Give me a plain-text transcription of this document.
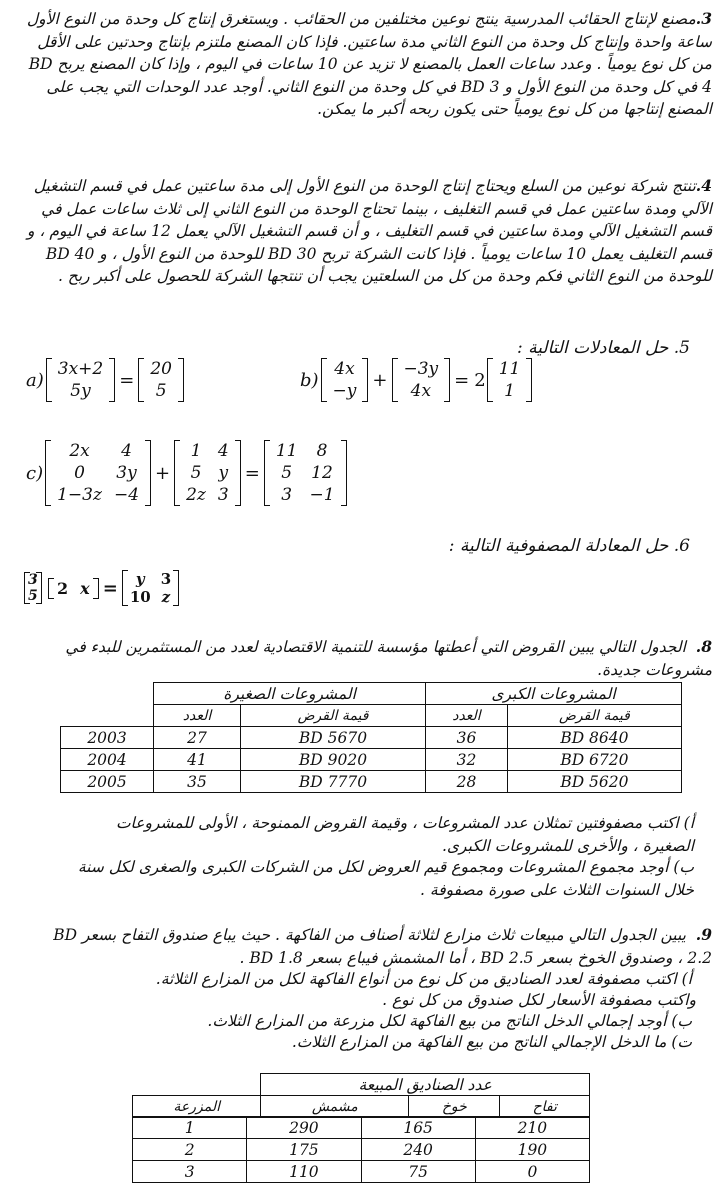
3.مصنع لإنتاج الحقائب المدرسية ينتج نوعين مختلفين من الحقائب . ويستغرق إنتاج كل وحدة من النوع الأول ساعة واحدة وإنتاج كل وحدة من النوع الثاني مدة ساعتين. فإذا كان المصنع ملتزم بإنتاج وحدتين على الأقل من كل نوع يومياً . وعدد ساعات العمل بالمصنع لا تزيد عن 10 ساعات في اليوم ، وإذا كان المصنع يربح BD 4 في كل وحدة من النوع الأول و BD 3 في كل وحدة من النوع الثاني. أوجد عدد الوحدات التي يجب على المصنع إنتاجها من كل نوع يومياً حتى يكون ربحه أكبر ما يمكن.
4.تنتج شركة نوعين من السلع ويحتاج إنتاج الوحدة من النوع الأول إلى مدة ساعتين عمل في قسم التشغيل الآلي ومدة ساعتين عمل في قسم التغليف ، بينما تحتاج الوحدة من النوع الثاني إلى ثلاث ساعات عمل في قسم التشغيل الآلي ومدة ساعتين في قسم التغليف ، و أن قسم التشغيل الآلي يعمل 12 ساعة في اليوم ، و قسم التغليف يعمل 10 ساعات يومياً . فإذا كانت الشركة تربح BD 30 للوحدة من النوع الأول ، و BD 40 للوحدة من النوع الثاني فكم وحدة من كل من السلعتين يجب أن تنتجها الشركة للحصول على أكبر ربح .
5. حل المعادلات التالية :
a)
3x+2
5y
=
20
5
b)
4x
−y
+
−3y
4x
= 2
11
1
c)
2x	4
0	3y
1−3z	−4
+
1	4
5	y
2z	3
=
11	8
5	12
3	−1
6. حل المعادلة المصفوفية التالية :
3
5
2	x = y	3
10	z
8.  الجدول التالي يبين القروض التي أعطتها مؤسسة للتنمية الاقتصادية لعدد من المستثمرين للبدء في مشروعات جديدة.
المشروعات الكبرى		المشروعات الصغيرة		
قيمة القرض	العدد	قيمة القرض	العدد	
BD 8640	36	BD 5670	27	2003
BD 6720	32	BD 9020	41	2004
BD 5620	28	BD 7770	35	2005
أ) اكتب مصفوفتين تمثلان عدد المشروعات ، وقيمة القروض الممنوحة ، الأولى للمشروعات الصغيرة ، والأخرى للمشروعات الكبرى.
ب) أوجد مجموع المشروعات ومجموع قيم العروض لكل من الشركات الكبرى والصغرى لكل سنة خلال السنوات الثلاث على صورة مصفوفة .
9.  يبين الجدول التالي مبيعات ثلاث مزارع لثلاثة أصناف من الفاكهة . حيث يباع صندوق التفاح بسعر BD 2.2 ، وصندوق الخوخ بسعر BD 2.5 ، أما المشمش فيباع بسعر BD 1.8 .
أ) اكتب مصفوفة لعدد الصناديق من كل نوع من أنواع الفاكهة لكل من المزارع الثلاثة.
واكتب مصفوفة الأسعار لكل صندوق من كل نوع .
ب) أوجد إجمالي الدخل الناتج من بيع الفاكهة لكل مزرعة من المزارع الثلاث.
ت) ما الدخل الإجمالي الناتج من بيع الفاكهة من المزارع الثلاث.
عدد الصناديق المبيعة			
تفاح	خوخ	مشمش	المزرعة
1	290	165	210
2	175	240	190
3	110	75	0
